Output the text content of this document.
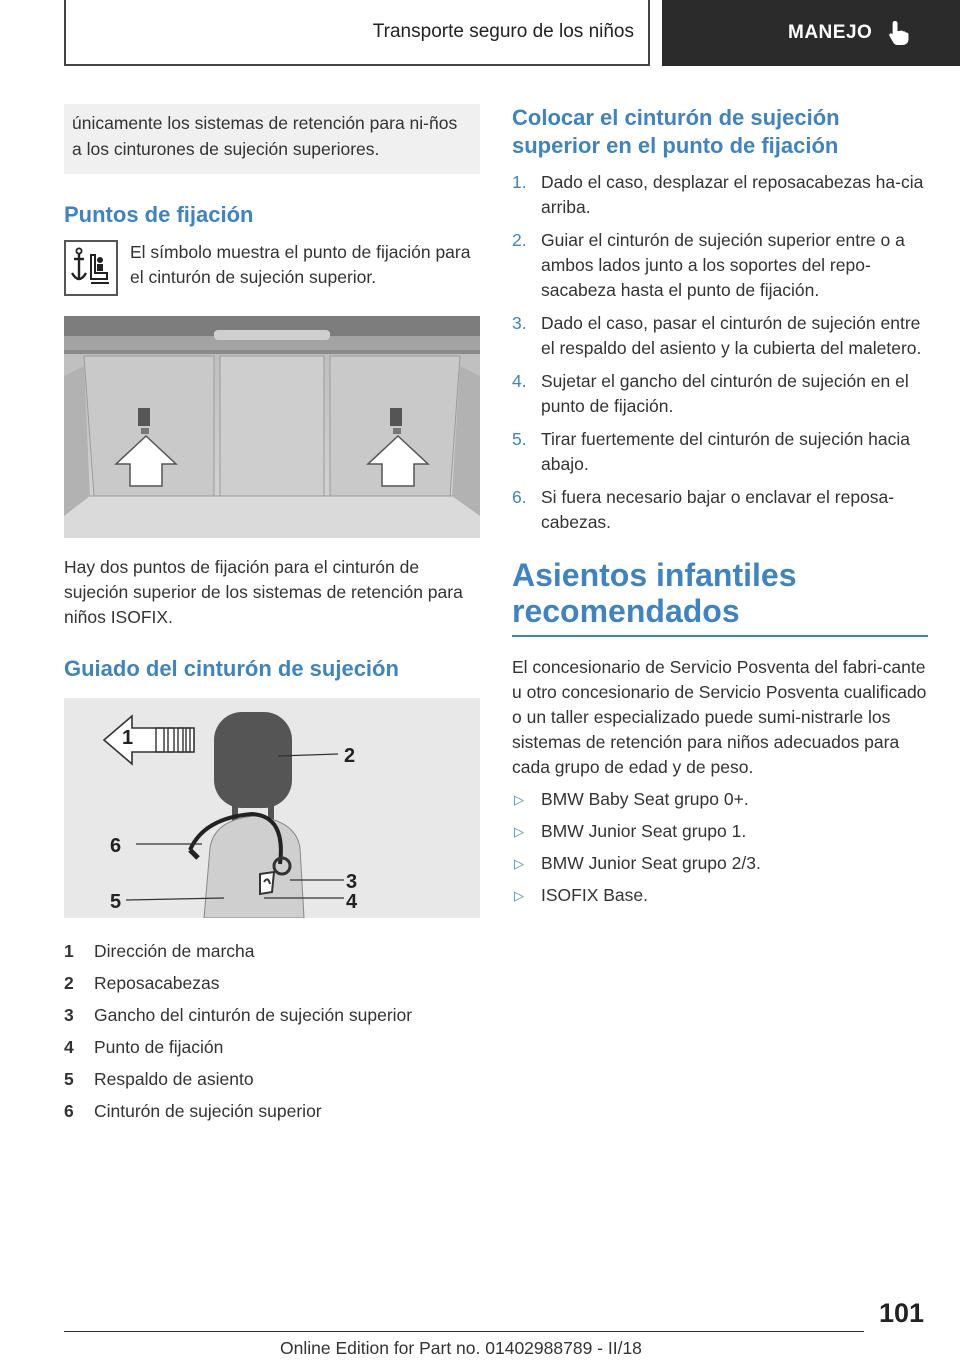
Transporte seguro de los niños	MANEJO
únicamente los sistemas de retención para ni‐ños a los cinturones de sujeción superiores.
Puntos de fijación
El símbolo muestra el punto de fijación para el cinturón de sujeción superior.
Hay dos puntos de fijación para el cinturón de sujeción superior de los sistemas de retención para niños ISOFIX.
Guiado del cinturón de sujeción
1
2
3
4
5
6
1	Dirección de marcha
2	Reposacabezas
3	Gancho del cinturón de sujeción superior
4	Punto de fijación
5	Respaldo de asiento
6	Cinturón de sujeción superior
Colocar el cinturón de sujeción superior en el punto de fijación
1. Dado el caso, desplazar el reposacabezas ha‐cia arriba.
2. Guiar el cinturón de sujeción superior entre o a ambos lados junto a los soportes del repo‐sacabeza hasta el punto de fijación.
3. Dado el caso, pasar el cinturón de sujeción entre el respaldo del asiento y la cubierta del maletero.
4. Sujetar el gancho del cinturón de sujeción en el punto de fijación.
5. Tirar fuertemente del cinturón de sujeción hacia abajo.
6. Si fuera necesario bajar o enclavar el reposa‐cabezas.
Asientos infantiles recomendados
El concesionario de Servicio Posventa del fabri‐cante u otro concesionario de Servicio Posventa cualificado o un taller especializado puede sumi‐nistrarle los sistemas de retención para niños adecuados para cada grupo de edad y de peso.
▷ BMW Baby Seat grupo 0+.
▷ BMW Junior Seat grupo 1.
▷ BMW Junior Seat grupo 2/3.
▷ ISOFIX Base.
101
Online Edition for Part no. 01402988789 - II/18
